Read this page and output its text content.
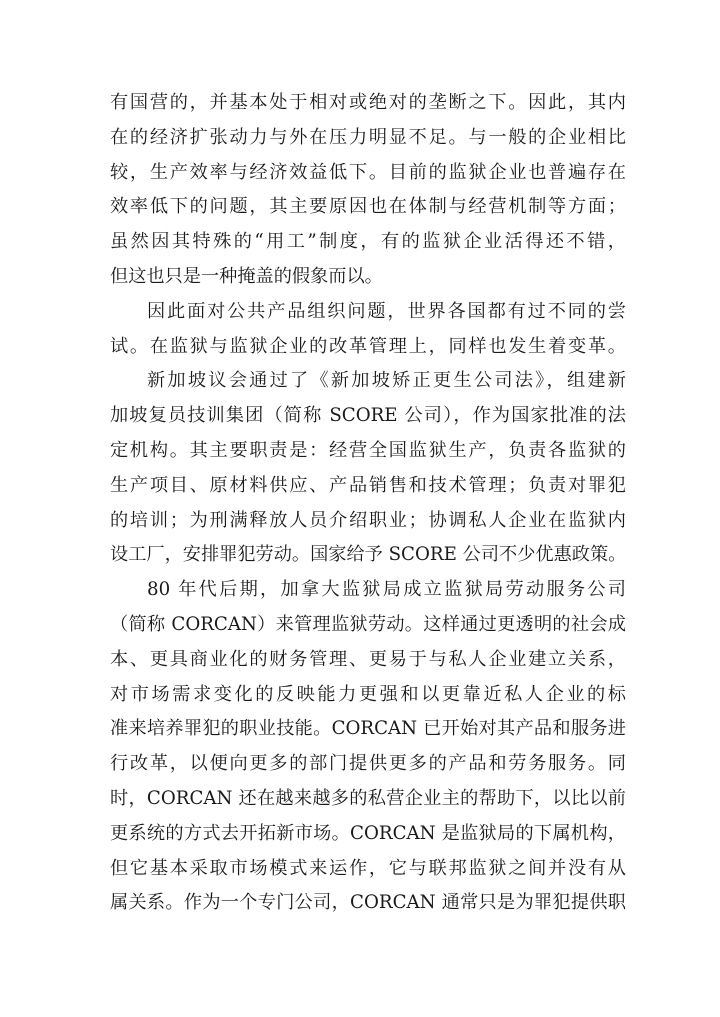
有国营的，并基本处于相对或绝对的垄断之下。因此，其内
在的经济扩张动力与外在压力明显不足。与一般的企业相比
较，生产效率与经济效益低下。目前的监狱企业也普遍存在
效率低下的问题，其主要原因也在体制与经营机制等方面；
虽然因其特殊的“用工”制度，有的监狱企业活得还不错，
但这也只是一种掩盖的假象而以。
因此面对公共产品组织问题，世界各国都有过不同的尝
试。在监狱与监狱企业的改革管理上，同样也发生着变革。
新加坡议会通过了《新加坡矫正更生公司法》，组建新
加坡复员技训集团（简称 SCORE 公司），作为国家批准的法
定机构。其主要职责是：经营全国监狱生产，负责各监狱的
生产项目、原材料供应、产品销售和技术管理；负责对罪犯
的培训；为刑满释放人员介绍职业；协调私人企业在监狱内
设工厂，安排罪犯劳动。国家给予 SCORE 公司不少优惠政策。
80 年代后期，加拿大监狱局成立监狱局劳动服务公司
（简称 CORCAN）来管理监狱劳动。这样通过更透明的社会成
本、更具商业化的财务管理、更易于与私人企业建立关系，
对市场需求变化的反映能力更强和以更靠近私人企业的标
准来培养罪犯的职业技能。CORCAN 已开始对其产品和服务进
行改革，以便向更多的部门提供更多的产品和劳务服务。同
时，CORCAN 还在越来越多的私营企业主的帮助下，以比以前
更系统的方式去开拓新市场。CORCAN 是监狱局的下属机构，
但它基本采取市场模式来运作，它与联邦监狱之间并没有从
属关系。作为一个专门公司，CORCAN 通常只是为罪犯提供职
